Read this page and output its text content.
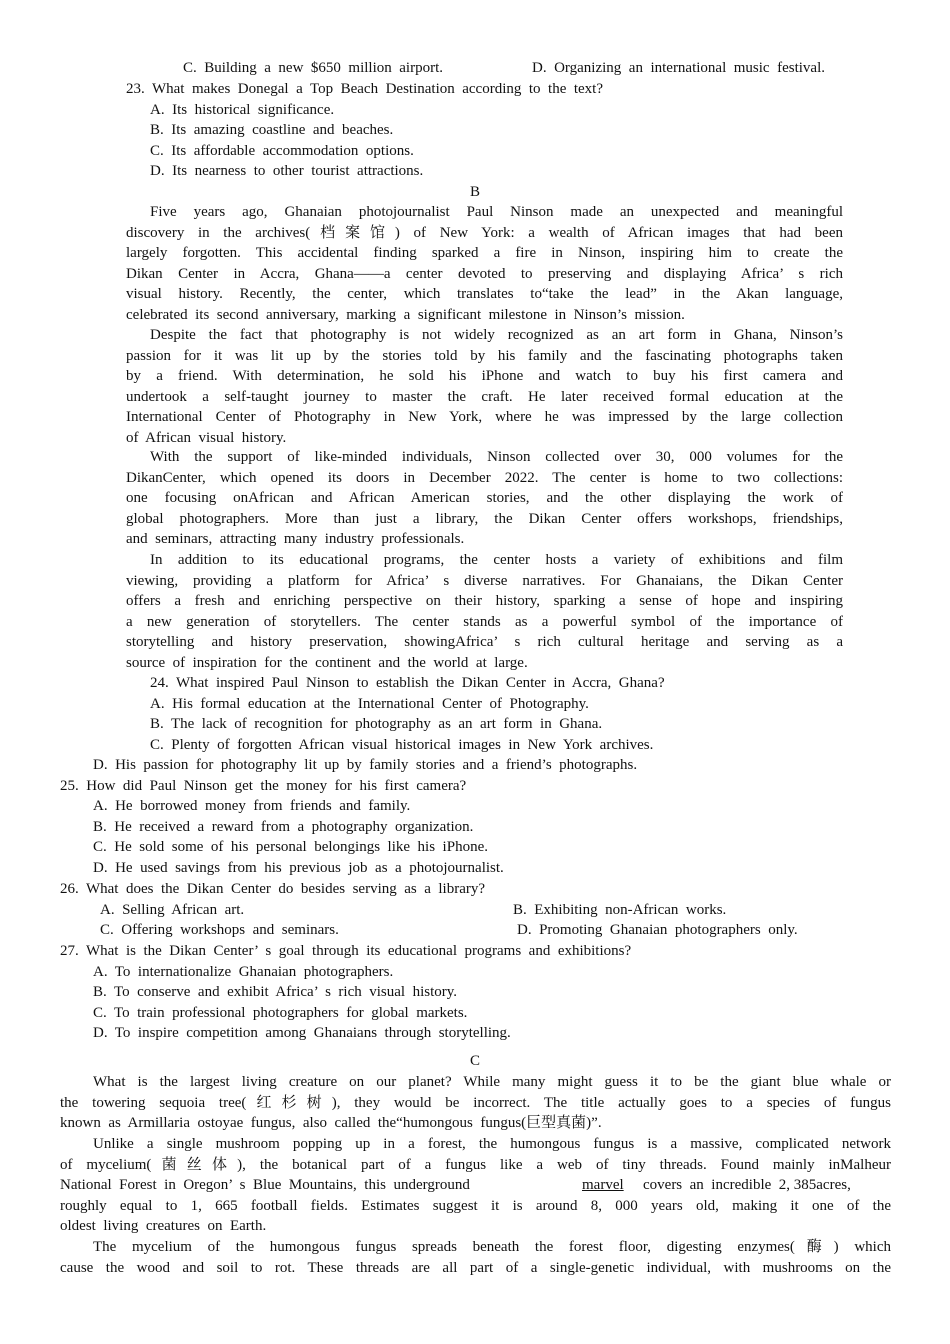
C.  Building  a  new  $650  million  airport.	D.  Organizing  an  international  music  festival.
23.  What  makes  Donegal  a  Top  Beach  Destination  according  to  the  text?
A.  Its  historical  significance.
B.  Its  amazing  coastline  and  beaches.
C.  Its  affordable  accommodation  options.
D.  Its  nearness  to  other  tourist  attractions.
B
Five years ago, Ghanaian photojournalist Paul Ninson made an unexpected and meaningful
discovery in the archives(档案馆) of New York: a wealth of African images that had been
largely forgotten. This accidental finding sparked a fire in Ninson, inspiring him to create the
Dikan Center in Accra, Ghana——a center devoted to preserving and displaying Africa’ s rich
visual history. Recently, the center, which translates to“take the lead” in the Akan language,
celebrated  its  second  anniversary,  marking  a  significant  milestone  in  Ninson’s  mission.
Despite the fact that photography is not widely recognized as an art form in Ghana, Ninson’s
passion for it was lit up by the stories told by his family and the fascinating photographs taken
by a friend. With determination, he sold his iPhone and watch to buy his first camera and
undertook a self-taught journey to master the craft. He later received formal education at the
International Center of Photography in New York, where he was impressed by the large collection
of  African  visual  history.
With the support of like-minded individuals, Ninson collected over 30, 000 volumes for the
DikanCenter, which opened its doors in December 2022. The center is home to two collections:
one focusing onAfrican and African American stories, and the other displaying the work of
global photographers. More than just a library, the Dikan Center offers workshops, friendships,
and  seminars,  attracting  many  industry  professionals.
In addition to its educational programs, the center hosts a variety of exhibitions and film
viewing, providing a platform for Africa’ s diverse narratives. For Ghanaians, the Dikan Center
offers a fresh and enriching perspective on their history, sparking a sense of hope and inspiring
a new generation of storytellers. The center stands as a powerful symbol of the importance of
storytelling and history preservation, showingAfrica’ s rich cultural heritage and serving as a
source  of  inspiration  for  the  continent  and  the  world  at  large.
24.  What  inspired  Paul  Ninson  to  establish  the  Dikan  Center  in  Accra,  Ghana?
A.  His  formal  education  at  the  International  Center  of  Photography.
B.  The  lack  of  recognition  for  photography  as  an  art  form  in  Ghana.
C.  Plenty  of  forgotten  African  visual  historical  images  in  New  York  archives.
D.  His  passion  for  photography  lit  up  by  family  stories  and  a  friend’s  photographs.
25.  How  did  Paul  Ninson  get  the  money  for  his  first  camera?
A.  He  borrowed  money  from  friends  and  family.
B.  He  received  a  reward  from  a  photography  organization.
C.  He  sold  some  of  his  personal  belongings  like  his  iPhone.
D.  He  used  savings  from  his  previous  job  as  a  photojournalist.
26.  What  does  the  Dikan  Center  do  besides  serving  as  a  library?
A.  Selling  African  art.	B.  Exhibiting  non-African  works.
C.  Offering  workshops  and  seminars.	D.  Promoting  Ghanaian  photographers  only.
27.  What  is  the  Dikan  Center’  s  goal  through  its  educational  programs  and  exhibitions?
A.  To  internationalize  Ghanaian  photographers.
B.  To  conserve  and  exhibit  Africa’  s  rich  visual  history.
C.  To  train  professional  photographers  for  global  markets.
D.  To  inspire  competition  among  Ghanaians  through  storytelling.
C
What is the largest living creature on our planet? While many might guess it to be the giant blue whale or
the towering sequoia tree(红杉树), they would be incorrect. The title actually goes to a species of fungus
known  as  Armillaria  ostoyae  fungus,  also  called  the“humongous  fungus(巨型真菌)”.
Unlike a single mushroom popping up in a forest, the humongous fungus is a massive, complicated network
of mycelium(菌丝体), the botanical part of a fungus like a web of tiny threads. Found mainly inMalheur
National  Forest  in  Oregon’  s  Blue  Mountains,  this  underground	marvel covers  an  incredible  2, 385acres,
roughly equal to 1, 665 football fields. Estimates suggest it is around 8, 000 years old, making it one of the
oldest  living  creatures  on  Earth.
The mycelium of the humongous fungus spreads beneath the forest floor, digesting enzymes(酶) which
cause the wood and soil to rot. These threads are all part of a single-genetic individual, with mushrooms on the
